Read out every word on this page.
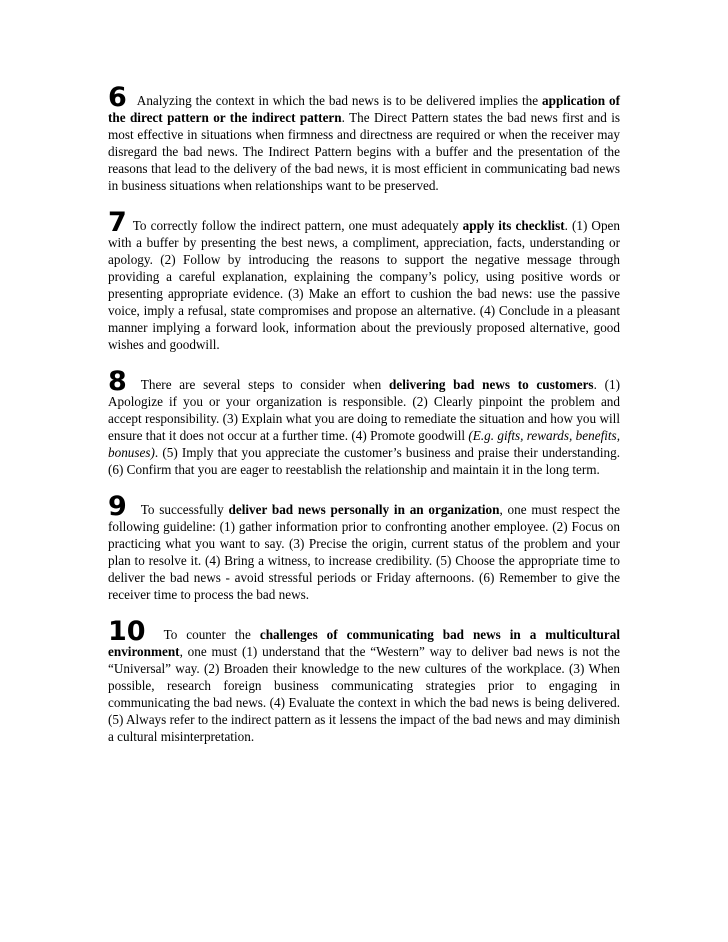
6 Analyzing the context in which the bad news is to be delivered implies the application of the direct pattern or the indirect pattern. The Direct Pattern states the bad news first and is most effective in situations when firmness and directness are required or when the receiver may disregard the bad news. The Indirect Pattern begins with a buffer and the presentation of the reasons that lead to the delivery of the bad news, it is most efficient in communicating bad news in business situations when relationships want to be preserved.

7 To correctly follow the indirect pattern, one must adequately apply its checklist. (1) Open with a buffer by presenting the best news, a compliment, appreciation, facts, understanding or apology. (2) Follow by introducing the reasons to support the negative message through providing a careful explanation, explaining the company’s policy, using positive words or presenting appropriate evidence. (3) Make an effort to cushion the bad news: use the passive voice, imply a refusal, state compromises and propose an alternative. (4) Conclude in a pleasant manner implying a forward look, information about the previously proposed alternative, good wishes and goodwill.

8 There are several steps to consider when delivering bad news to customers. (1) Apologize if you or your organization is responsible. (2) Clearly pinpoint the problem and accept responsibility. (3) Explain what you are doing to remediate the situation and how you will ensure that it does not occur at a further time. (4) Promote goodwill (E.g. gifts, rewards, benefits, bonuses). (5) Imply that you appreciate the customer’s business and praise their understanding. (6) Confirm that you are eager to reestablish the relationship and maintain it in the long term.

9 To successfully deliver bad news personally in an organization, one must respect the following guideline: (1) gather information prior to confronting another employee. (2) Focus on practicing what you want to say. (3) Precise the origin, current status of the problem and your plan to resolve it. (4) Bring a witness, to increase credibility. (5) Choose the appropriate time to deliver the bad news - avoid stressful periods or Friday afternoons. (6) Remember to give the receiver time to process the bad news.

10 To counter the challenges of communicating bad news in a multicultural environment, one must (1) understand that the “Western” way to deliver bad news is not the “Universal” way. (2) Broaden their knowledge to the new cultures of the workplace. (3) When possible, research foreign business communicating strategies prior to engaging in communicating the bad news. (4) Evaluate the context in which the bad news is being delivered. (5) Always refer to the indirect pattern as it lessens the impact of the bad news and may diminish a cultural misinterpretation.
